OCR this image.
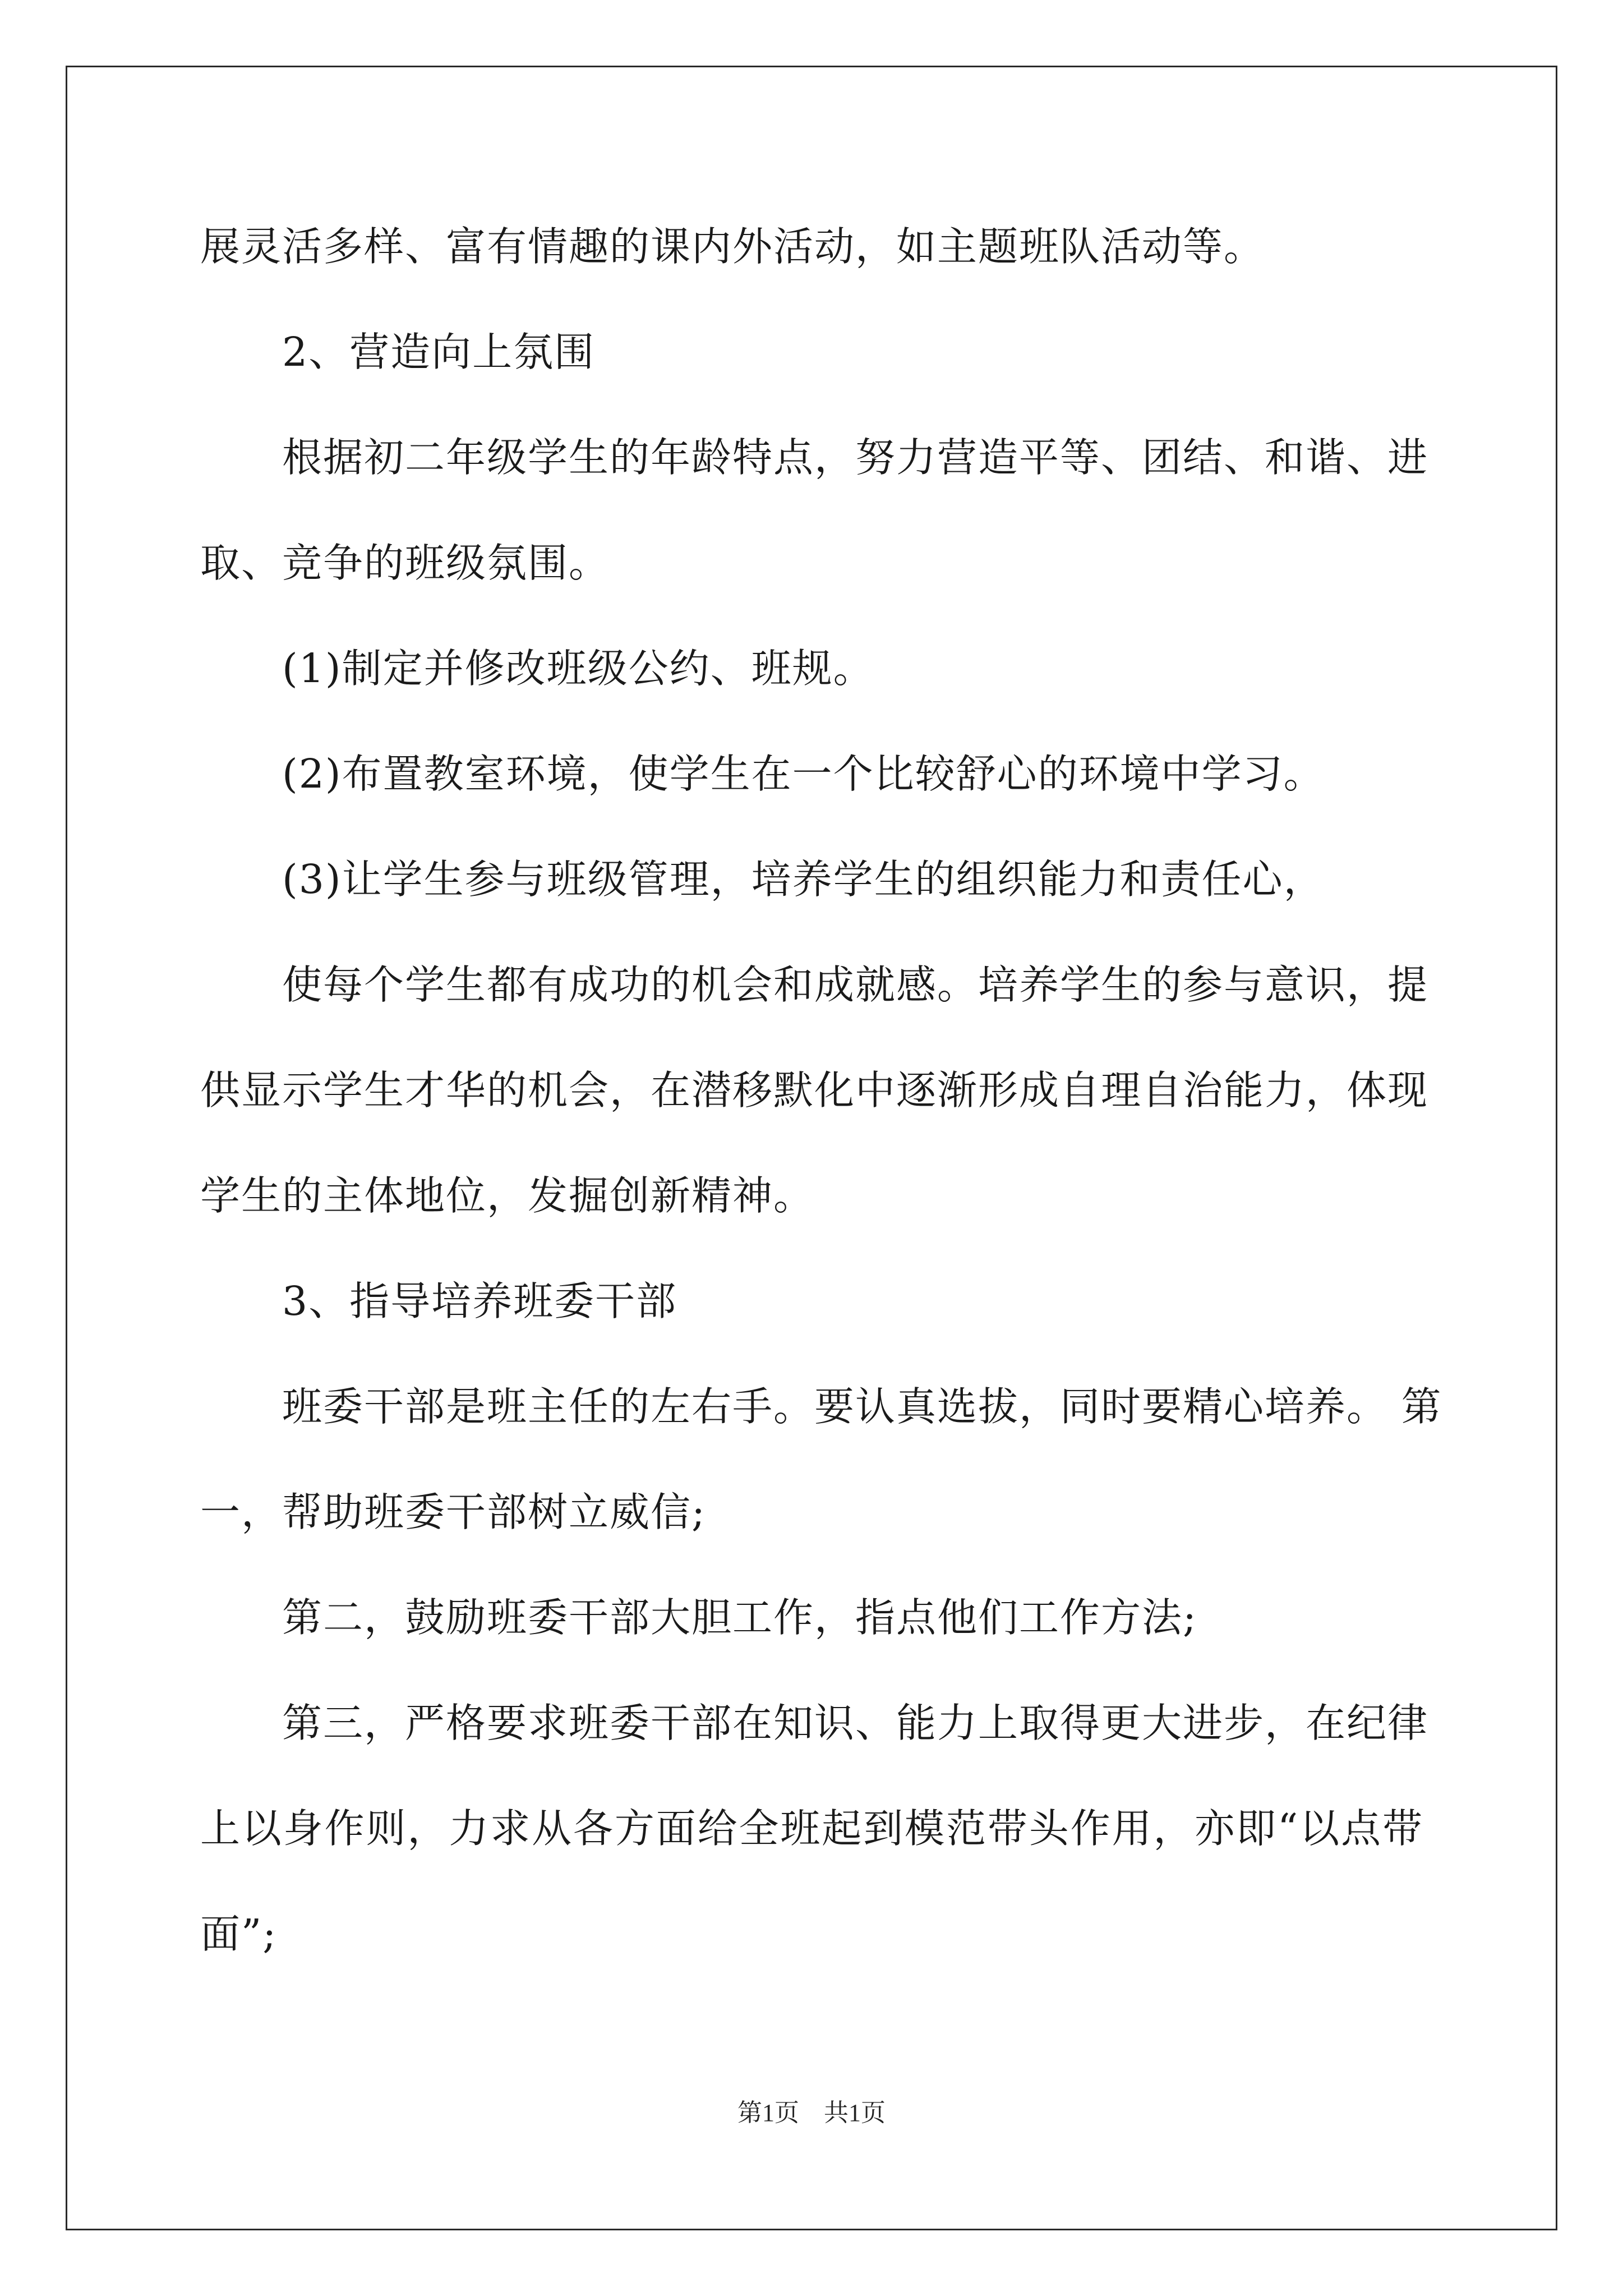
展灵活多样、富有情趣的课内外活动，如主题班队活动等。
2、营造向上氛围
根据初二年级学生的年龄特点，努力营造平等、团结、和谐、进
取、竞争的班级氛围。
(1)制定并修改班级公约、班规。
(2)布置教室环境，使学生在一个比较舒心的环境中学习。
(3)让学生参与班级管理，培养学生的组织能力和责任心，
使每个学生都有成功的机会和成就感。培养学生的参与意识，提
供显示学生才华的机会，在潜移默化中逐渐形成自理自治能力，体现
学生的主体地位，发掘创新精神。
3、指导培养班委干部
班委干部是班主任的左右手。要认真选拔，同时要精心培养。 第
一，帮助班委干部树立威信;
第二，鼓励班委干部大胆工作，指点他们工作方法;
第三，严格要求班委干部在知识、能力上取得更大进步，在纪律
上以身作则，力求从各方面给全班起到模范带头作用，亦即“以点带
面”;
第1页　共1页
